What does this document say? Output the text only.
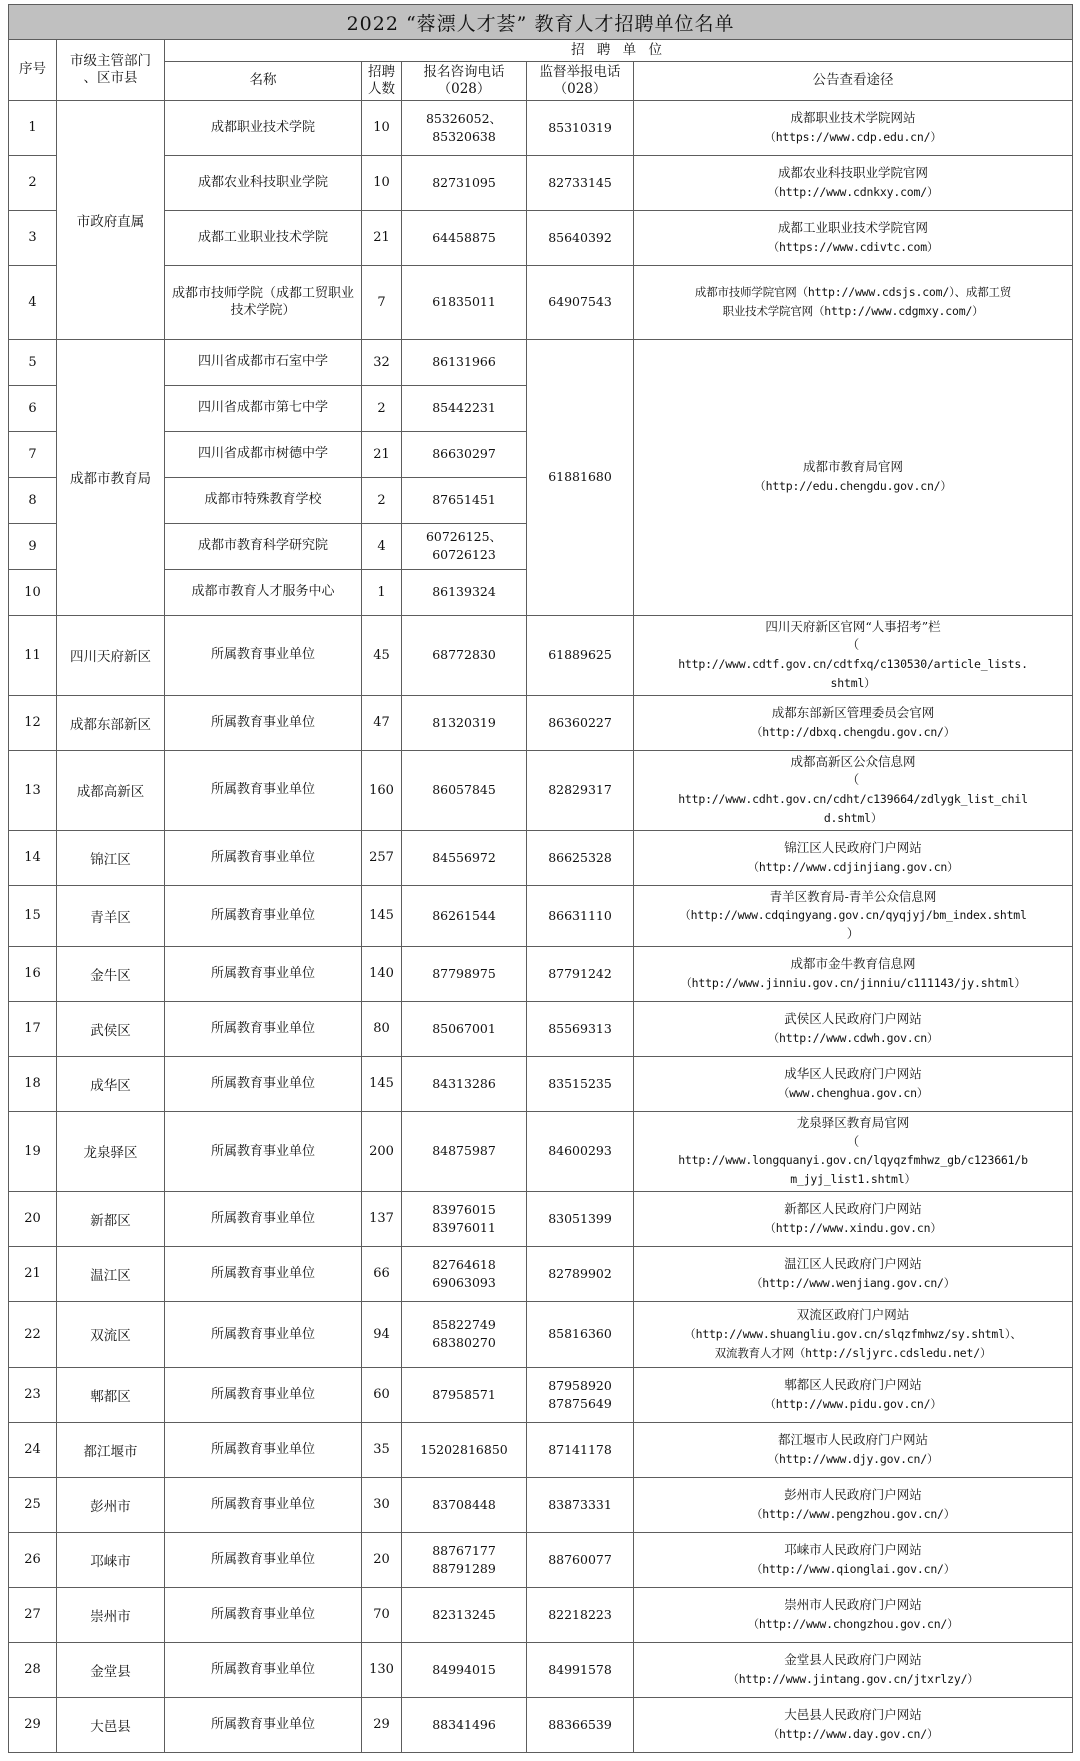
2022 “蓉漂人才荟” 教育人才招聘单位名单						
序号	市级主管部门
、区市县	招 聘 单 位				
		名称	招聘
人数	报名咨询电话
（028）	监督举报电话
（028）	公告查看途径
1	市政府直属	成都职业技术学院	10	85326052、
85320638	85310319	成都职业技术学院网站
（https://www.cdp.edu.cn/）

2		成都农业科技职业学院	10	82731095	82733145	成都农业科技职业学院官网
（http://www.cdnkxy.com/）

3		成都工业职业技术学院	21	64458875	85640392	成都工业职业技术学院官网
（https://www.cdivtc.com）

4		成都市技师学院（成都工贸职业技术学院）	7	61835011	64907543	成都市技师学院官网（http://www.cdsjs.com/）、成都工贸
职业技术学院官网（http://www.cdgmxy.com/）

5	成都市教育局	四川省成都市石室中学	32	86131966	61881680	成都市教育局官网
（http://edu.chengdu.gov.cn/）
6		四川省成都市第七中学	2	85442231		
7		四川省成都市树德中学	21	86630297		
8		成都市特殊教育学校	2	87651451		
9		成都市教育科学研究院	4	60726125、
60726123		
10		成都市教育人才服务中心	1	86139324		
11	四川天府新区	所属教育事业单位	45	68772830	61889625	四川天府新区官网“人事招考”栏
（
http://www.cdtf.gov.cn/cdtfxq/c130530/article_lists.
shtml）

12	成都东部新区	所属教育事业单位	47	81320319	86360227	成都东部新区管理委员会官网
（http://dbxq.chengdu.gov.cn/）

13	成都高新区	所属教育事业单位	160	86057845	82829317	成都高新区公众信息网
（
http://www.cdht.gov.cn/cdht/c139664/zdlygk_list_chil
d.shtml）

14	锦江区	所属教育事业单位	257	84556972	86625328	锦江区人民政府门户网站
（http://www.cdjinjiang.gov.cn）

15	青羊区	所属教育事业单位	145	86261544	86631110	青羊区教育局-青羊公众信息网
（http://www.cdqingyang.gov.cn/qyqjyj/bm_index.shtml
）

16	金牛区	所属教育事业单位	140	87798975	87791242	成都市金牛教育信息网
（http://www.jinniu.gov.cn/jinniu/c111143/jy.shtml）

17	武侯区	所属教育事业单位	80	85067001	85569313	武侯区人民政府门户网站
（http://www.cdwh.gov.cn）

18	成华区	所属教育事业单位	145	84313286	83515235	成华区人民政府门户网站
（www.chenghua.gov.cn）

19	龙泉驿区	所属教育事业单位	200	84875987	84600293	龙泉驿区教育局官网
（
http://www.longquanyi.gov.cn/lqyqzfmhwz_gb/c123661/b
m_jyj_list1.shtml）

20	新都区	所属教育事业单位	137	83976015
83976011	83051399	新都区人民政府门户网站
（http://www.xindu.gov.cn）

21	温江区	所属教育事业单位	66	82764618
69063093	82789902	温江区人民政府门户网站
（http://www.wenjiang.gov.cn/）

22	双流区	所属教育事业单位	94	85822749
68380270	85816360	双流区政府门户网站
（http://www.shuangliu.gov.cn/slqzfmhwz/sy.shtml）、
双流教育人才网（http://sljyrc.cdsledu.net/）

23	郫都区	所属教育事业单位	60	87958571	87958920
87875649	郫都区人民政府门户网站
（http://www.pidu.gov.cn/）

24	都江堰市	所属教育事业单位	35	15202816850	87141178	都江堰市人民政府门户网站
（http://www.djy.gov.cn/）

25	彭州市	所属教育事业单位	30	83708448	83873331	彭州市人民政府门户网站
（http://www.pengzhou.gov.cn/）

26	邛崃市	所属教育事业单位	20	88767177
88791289	88760077	邛崃市人民政府门户网站
（http://www.qionglai.gov.cn/）

27	崇州市	所属教育事业单位	70	82313245	82218223	崇州市人民政府门户网站
（http://www.chongzhou.gov.cn/）

28	金堂县	所属教育事业单位	130	84994015	84991578	金堂县人民政府门户网站
（http://www.jintang.gov.cn/jtxrlzy/）

29	大邑县	所属教育事业单位	29	88341496	88366539	大邑县人民政府门户网站
（http://www.day.gov.cn/）
